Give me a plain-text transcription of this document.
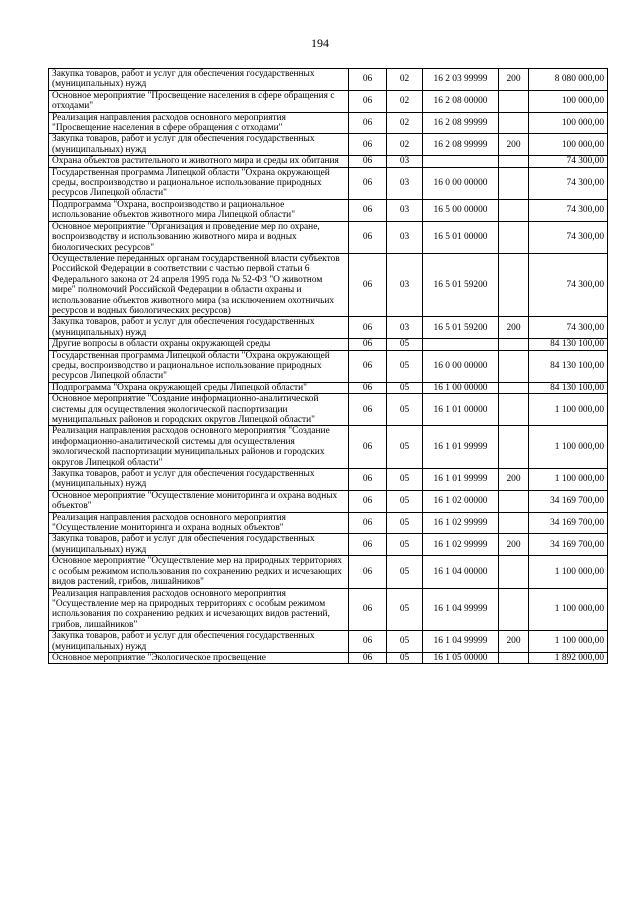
194
Закупка товаров, работ и услуг для обеспечения государственных (муниципальных) нужд	06	02	16 2 03 99999	200	8 080 000,00
Основное мероприятие "Просвещение населения в сфере обращения с отходами"	06	02	16 2 08 00000		100 000,00
Реализация направления расходов основного мероприятия "Просвещение населения в сфере обращения с отходами"	06	02	16 2 08 99999		100 000,00
Закупка товаров, работ и услуг для обеспечения государственных (муниципальных) нужд	06	02	16 2 08 99999	200	100 000,00
Охрана объектов растительного и животного мира и среды их обитания	06	03			74 300,00
Государственная программа Липецкой области "Охрана окружающей среды, воспроизводство и рациональное использование природных ресурсов Липецкой области"	06	03	16 0 00 00000		74 300,00
Подпрограмма "Охрана, воспроизводство и рациональное использование объектов животного мира Липецкой области"	06	03	16 5 00 00000		74 300,00
Основное мероприятие "Организация и проведение мер по охране, воспроизводству и использованию животного мира и водных биологических ресурсов"	06	03	16 5 01 00000		74 300,00
Осуществление переданных органам государственной власти субъектов Российской Федерации в соответствии с частью первой статьи 6 Федерального закона от 24 апреля 1995 года № 52-ФЗ "О животном мире" полномочий Российской Федерации в области охраны и использование объектов животного мира (за исключением охотничьих ресурсов и водных биологических ресурсов)	06	03	16 5 01 59200		74 300,00
Закупка товаров, работ и услуг для обеспечения государственных (муниципальных) нужд	06	03	16 5 01 59200	200	74 300,00
Другие вопросы в области охраны окружающей среды	06	05			84 130 100,00
Государственная программа Липецкой области "Охрана окружающей среды, воспроизводство и рациональное использование природных ресурсов Липецкой области"	06	05	16 0 00 00000		84 130 100,00
Подпрограмма "Охрана окружающей среды Липецкой области"	06	05	16 1 00 00000		84 130 100,00
Основное мероприятие "Создание информационно-аналитической системы для осуществления экологической паспортизации муниципальных районов и городских округов Липецкой области"	06	05	16 1 01 00000		1 100 000,00
Реализация направления расходов основного мероприятия "Создание информационно-аналитической системы для осуществления экологической паспортизации муниципальных районов и городских округов Липецкой области"	06	05	16 1 01 99999		1 100 000,00
Закупка товаров, работ и услуг для обеспечения государственных (муниципальных) нужд	06	05	16 1 01 99999	200	1 100 000,00
Основное мероприятие "Осуществление мониторинга и охрана водных объектов"	06	05	16 1 02 00000		34 169 700,00
Реализация направления расходов основного мероприятия "Осуществление мониторинга и охрана водных объектов"	06	05	16 1 02 99999		34 169 700,00
Закупка товаров, работ и услуг для обеспечения государственных (муниципальных) нужд	06	05	16 1 02 99999	200	34 169 700,00
Основное мероприятие "Осуществление мер на природных территориях с особым режимом использования по сохранению редких и исчезающих видов растений, грибов, лишайников"	06	05	16 1 04 00000		1 100 000,00
Реализация направления расходов основного мероприятия "Осуществление мер на природных территориях с особым режимом использования по сохранению редких и исчезающих видов растений, грибов, лишайников"	06	05	16 1 04 99999		1 100 000,00
Закупка товаров, работ и услуг для обеспечения государственных (муниципальных) нужд	06	05	16 1 04 99999	200	1 100 000,00
Основное мероприятие "Экологическое просвещение	06	05	16 1 05 00000		1 892 000,00
